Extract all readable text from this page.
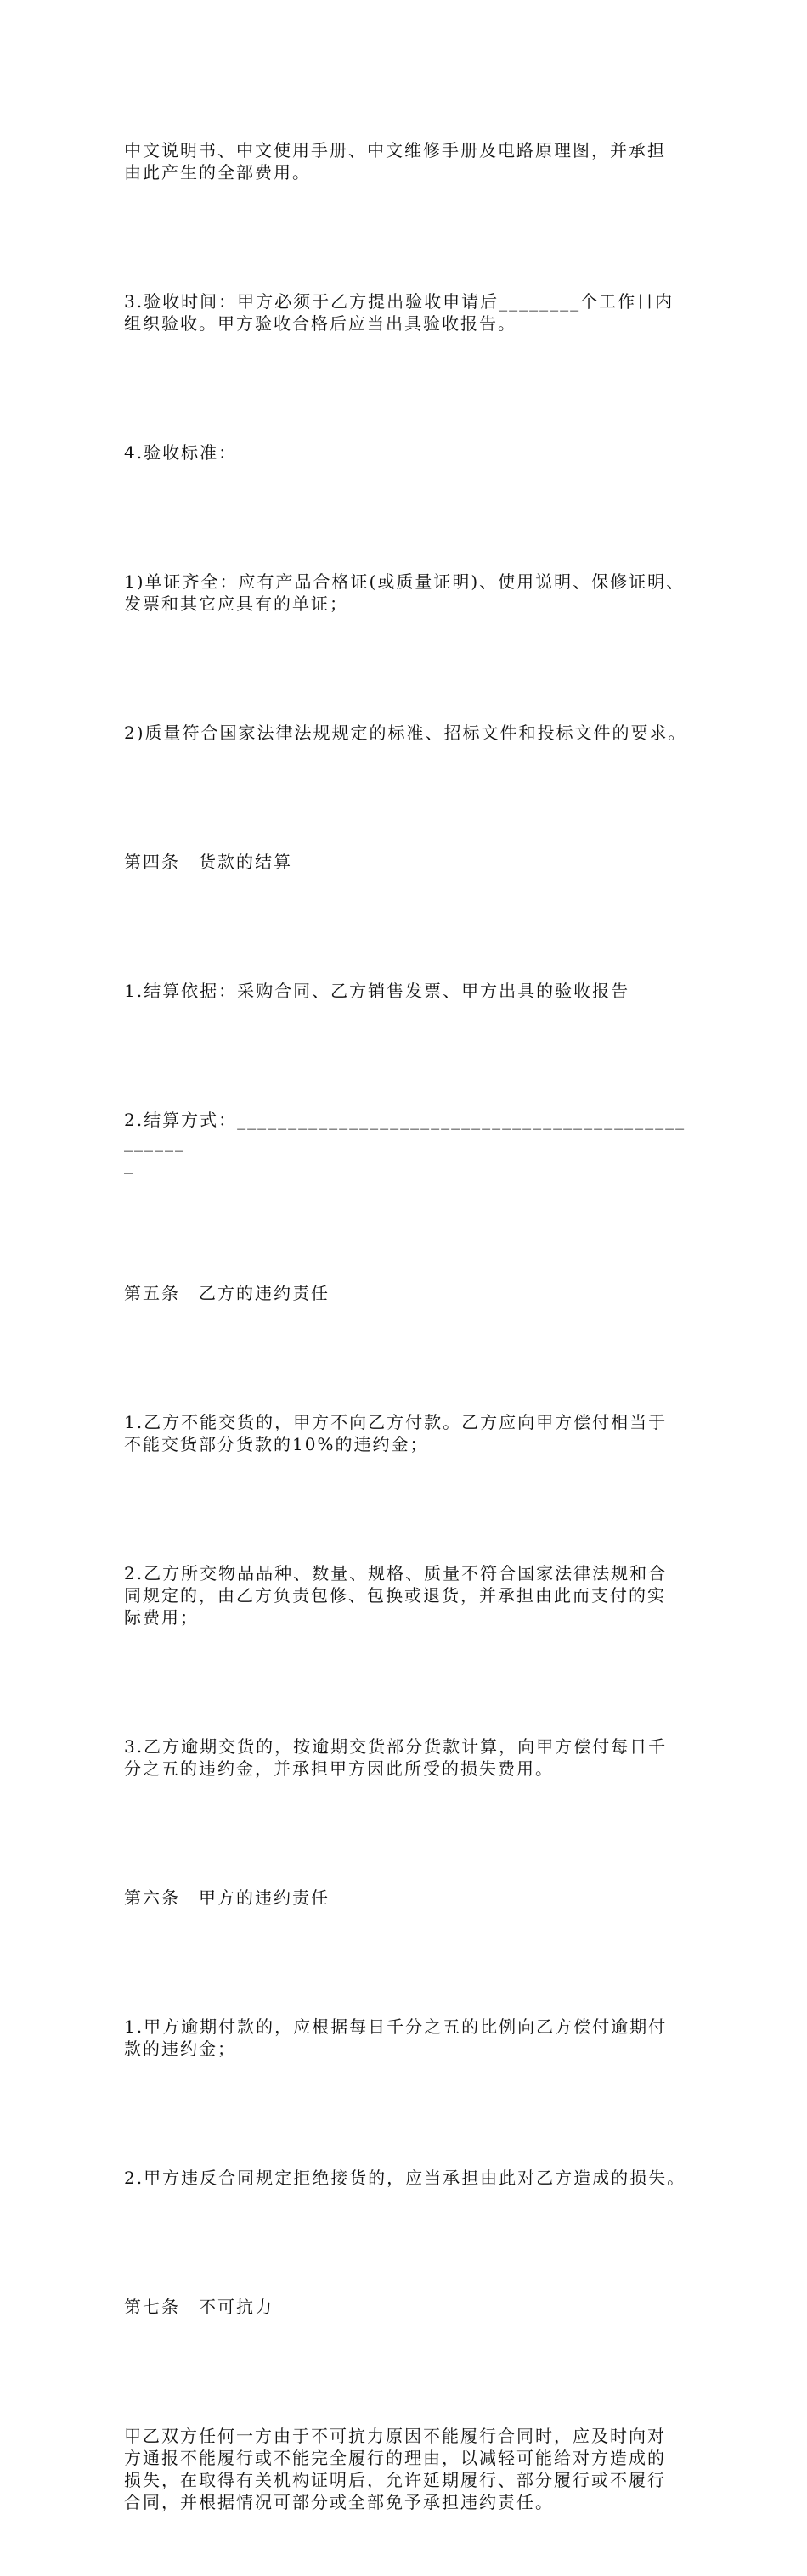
中文说明书、中文使用手册、中文维修手册及电路原理图，并承担
由此产生的全部费用。

3.验收时间：甲方必须于乙方提出验收申请后________个工作日内
组织验收。甲方验收合格后应当出具验收报告。

4.验收标准：

1)单证齐全：应有产品合格证(或质量证明)、使用说明、保修证明、
发票和其它应具有的单证；

2)质量符合国家法律法规规定的标准、招标文件和投标文件的要求。

第四条　货款的结算

1.结算依据：采购合同、乙方销售发票、甲方出具的验收报告

2.结算方式：__________________________________________________
_

第五条　乙方的违约责任

1.乙方不能交货的，甲方不向乙方付款。乙方应向甲方偿付相当于
不能交货部分货款的10%的违约金；

2.乙方所交物品品种、数量、规格、质量不符合国家法律法规和合
同规定的，由乙方负责包修、包换或退货，并承担由此而支付的实
际费用；

3.乙方逾期交货的，按逾期交货部分货款计算，向甲方偿付每日千
分之五的违约金，并承担甲方因此所受的损失费用。

第六条　甲方的违约责任

1.甲方逾期付款的，应根据每日千分之五的比例向乙方偿付逾期付
款的违约金；

2.甲方违反合同规定拒绝接货的，应当承担由此对乙方造成的损失。

第七条　不可抗力

甲乙双方任何一方由于不可抗力原因不能履行合同时，应及时向对
方通报不能履行或不能完全履行的理由，以减轻可能给对方造成的
损失，在取得有关机构证明后，允许延期履行、部分履行或不履行
合同，并根据情况可部分或全部免予承担违约责任。
